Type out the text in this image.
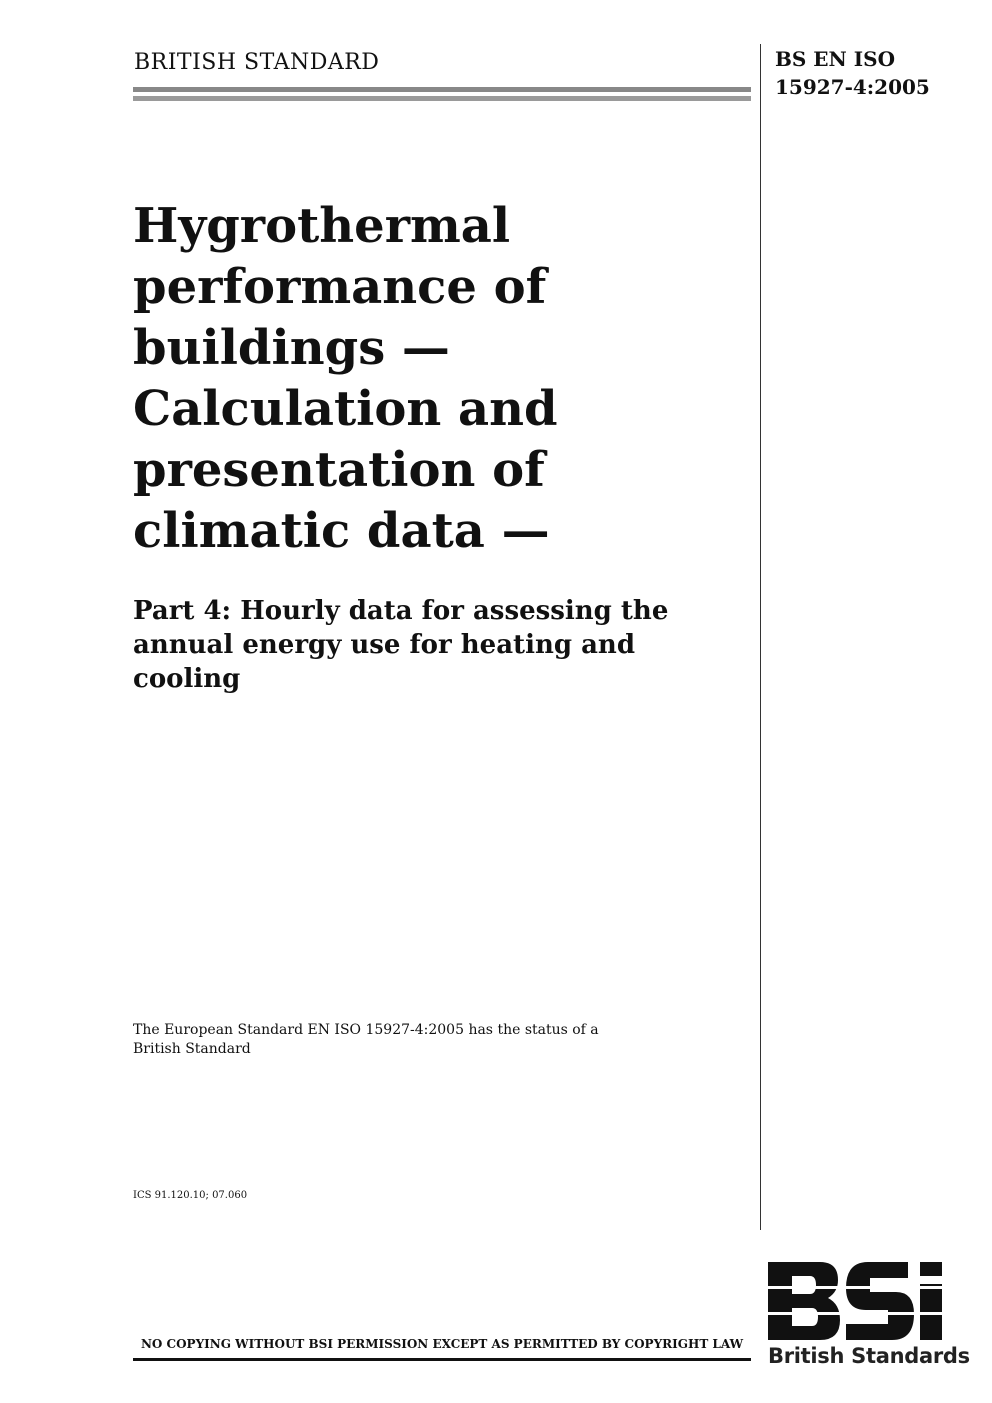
BRITISH STANDARD	BS EN ISO
15927-4:2005
Hygrothermal
performance of
buildings —
Calculation and
presentation of
climatic data —
Part 4: Hourly data for assessing the
annual energy use for heating and
cooling
The European Standard EN ISO 15927-4:2005 has the status of a
British Standard
ICS 91.120.10; 07.060
NO COPYING WITHOUT BSI PERMISSION EXCEPT AS PERMITTED BY COPYRIGHT LAW	British Standards
